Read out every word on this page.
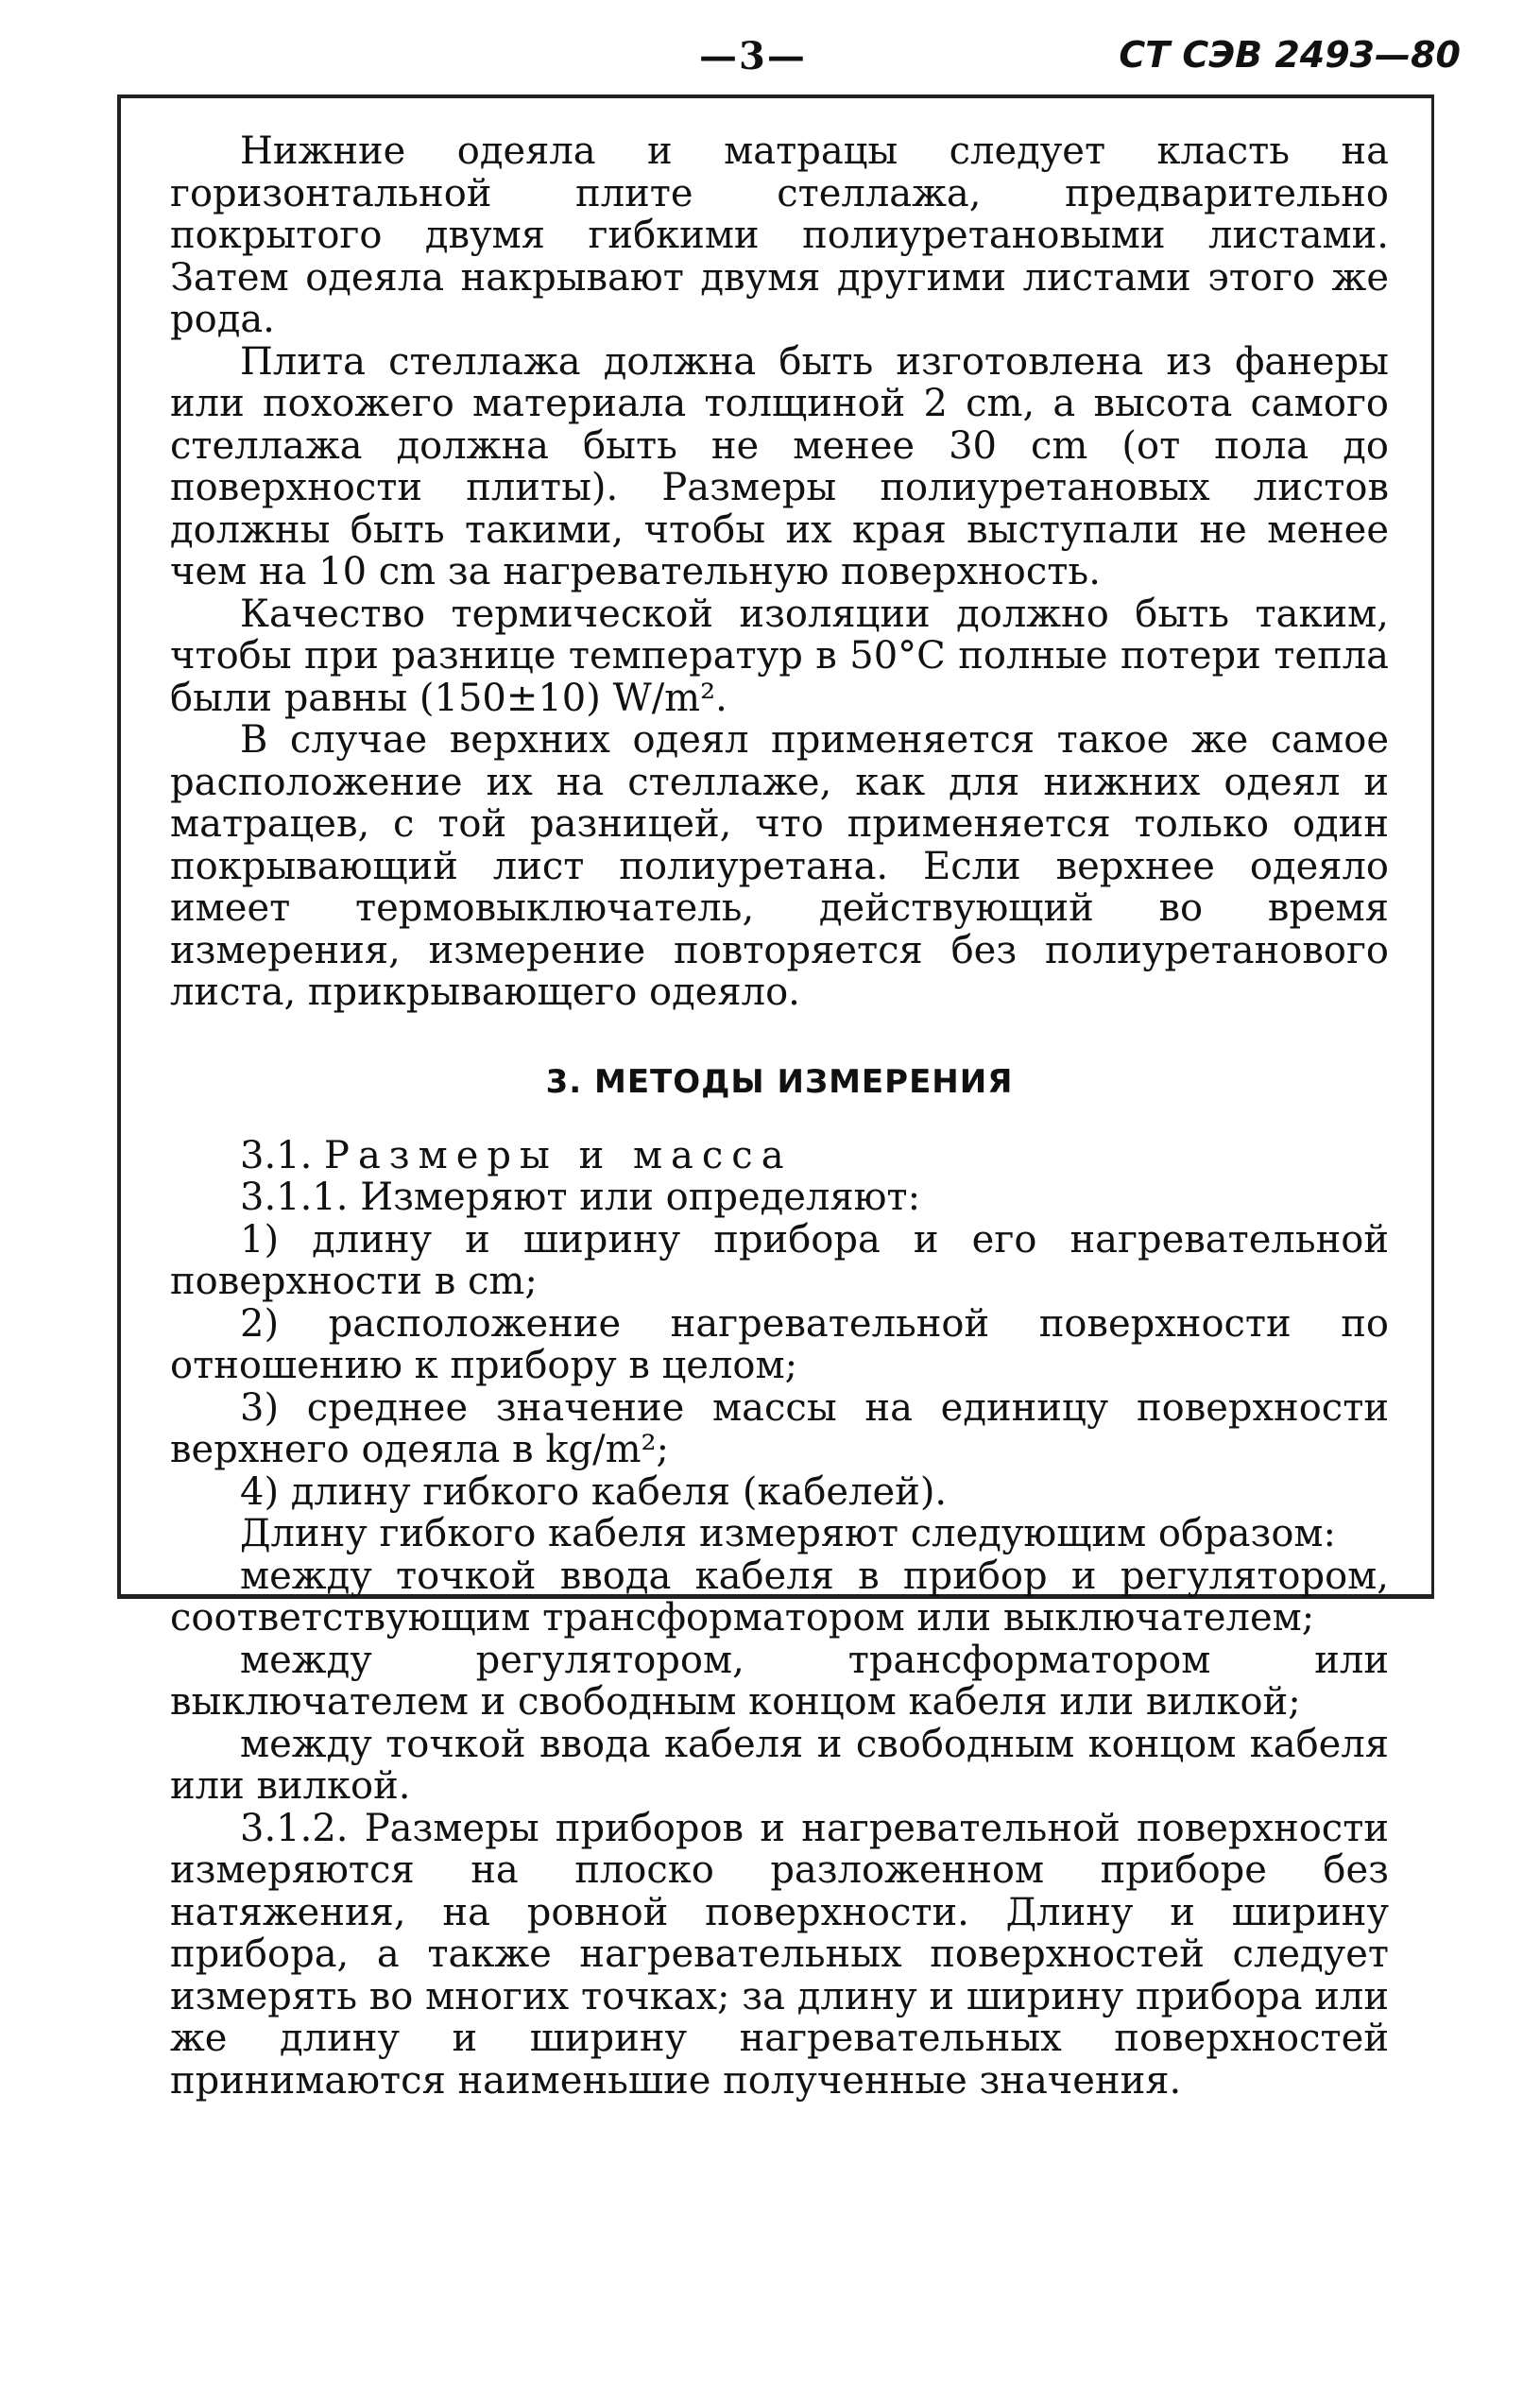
—3—	СТ СЭВ 2493—80

Нижние одеяла и матрацы следует класть на горизонтальной плите стеллажа, предварительно покрытого двумя гибкими полиуретановыми листами. Затем одеяла накрывают двумя другими листами этого же рода.

Плита стеллажа должна быть изготовлена из фанеры или похожего материала толщиной 2 cm, а высота самого стеллажа должна быть не менее 30 cm (от пола до поверхности плиты). Размеры полиуретановых листов должны быть такими, чтобы их края выступали не менее чем на 10 cm за нагревательную поверхность.

Качество термической изоляции должно быть таким, чтобы при разнице температур в 50°С полные потери тепла были равны (150±10) W/m².

В случае верхних одеял применяется такое же самое расположение их на стеллаже, как для нижних одеял и матрацев, с той разницей, что применяется только один покрывающий лист полиуретана. Если верхнее одеяло имеет термовыключатель, действующий во время измерения, измерение повторяется без полиуретанового листа, прикрывающего одеяло.

3. МЕТОДЫ ИЗМЕРЕНИЯ

3.1. Размеры и масса

3.1.1. Измеряют или определяют:

1) длину и ширину прибора и его нагревательной поверхности в cm;

2) расположение нагревательной поверхности по отношению к прибору в целом;

3) среднее значение массы на единицу поверхности верхнего одеяла в kg/m²;

4) длину гибкого кабеля (кабелей).

Длину гибкого кабеля измеряют следующим образом:

между точкой ввода кабеля в прибор и регулятором, соответствующим трансформатором или выключателем;

между регулятором, трансформатором или выключателем и свободным концом кабеля или вилкой;

между точкой ввода кабеля и свободным концом кабеля или вилкой.

3.1.2. Размеры приборов и нагревательной поверхности измеряются на плоско разложенном приборе без натяжения, на ровной поверхности. Длину и ширину прибора, а также нагревательных поверхностей следует измерять во многих точках; за длину и ширину прибора или же длину и ширину нагревательных поверхностей принимаются наименьшие полученные значения.
